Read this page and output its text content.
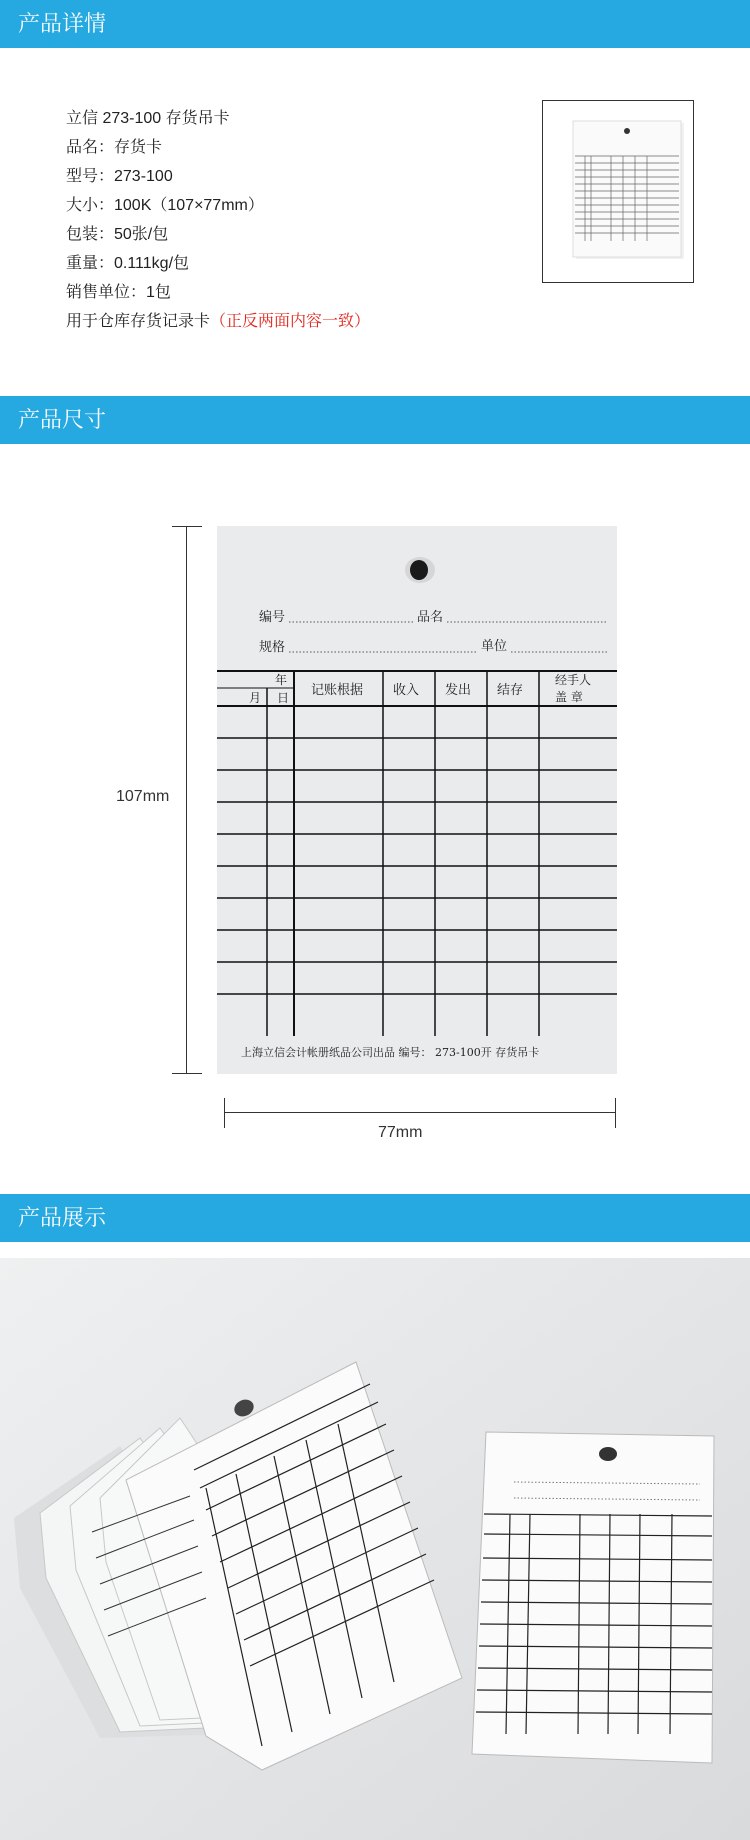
产品详情
立信 273-100 存货吊卡
品名：存货卡
型号：273-100
大小：100K（107×77mm）
包装：50张/包
重量：0.111kg/包
销售单位：1包
用于仓库存货记录卡（正反两面内容一致）
产品尺寸
107mm
77mm
编号	品名
规格	单位
年
月 日 记账根据 收入 发出 结存
经手人
盖 章
上海立信会计帐册纸品公司出品 编号： 273-100开 存货吊卡
产品展示
